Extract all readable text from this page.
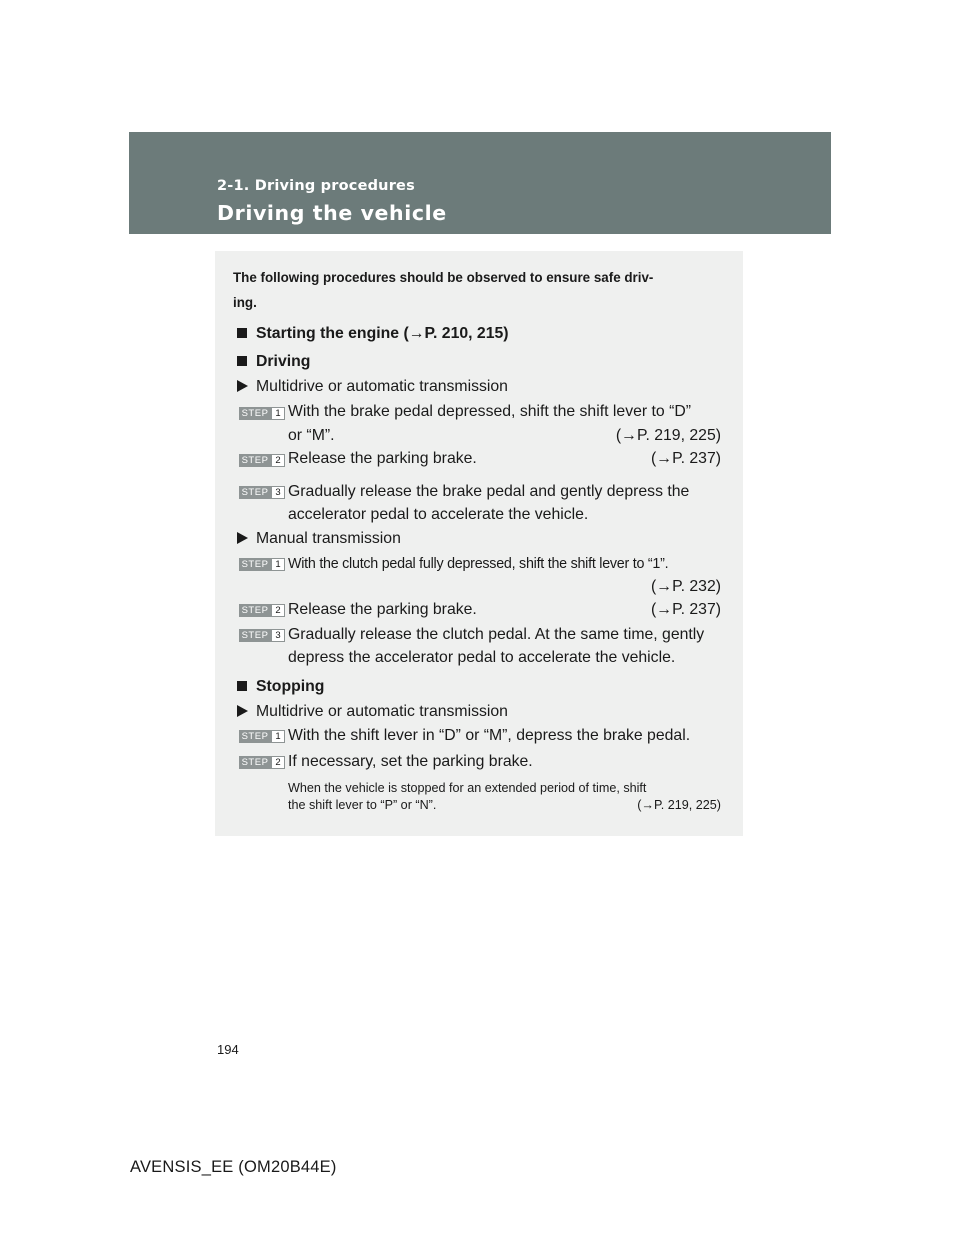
2-1. Driving procedures
Driving the vehicle
The following procedures should be observed to ensure safe driv-
ing.
Starting the engine (→P. 210, 215)
Driving
Multidrive or automatic transmission
STEP 1 With the brake pedal depressed, shift the shift lever to “D”
or “M”.	(→P. 219, 225)
STEP 2 Release the parking brake.	(→P. 237)
STEP 3 Gradually release the brake pedal and gently depress the
accelerator pedal to accelerate the vehicle.
Manual transmission
STEP 1 With the clutch pedal fully depressed, shift the shift lever to “1”.
(→P. 232)
STEP 2 Release the parking brake.	(→P. 237)
STEP 3 Gradually release the clutch pedal. At the same time, gently
depress the accelerator pedal to accelerate the vehicle.
Stopping
Multidrive or automatic transmission
STEP 1 With the shift lever in “D” or “M”, depress the brake pedal.
STEP 2 If necessary, set the parking brake.
When the vehicle is stopped for an extended period of time, shift
the shift lever to “P” or “N”.	(→P. 219, 225)
194
AVENSIS_EE (OM20B44E)
